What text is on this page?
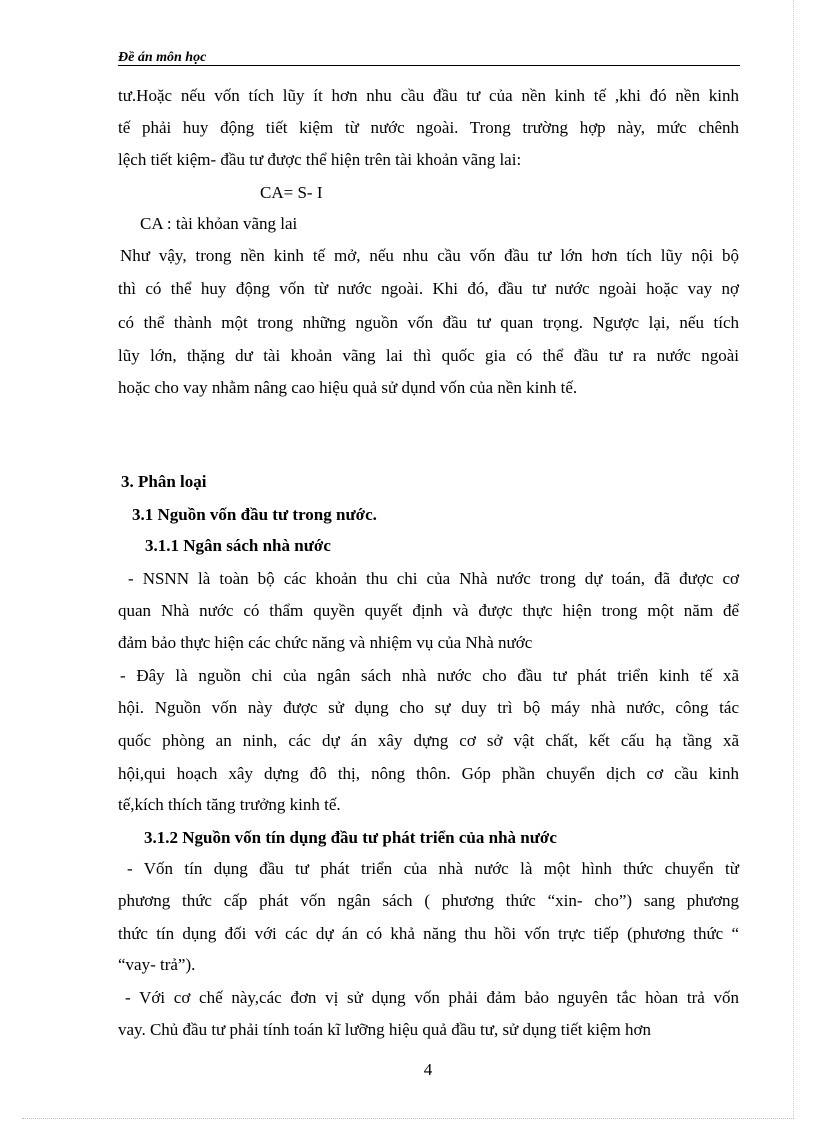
Đề án môn học
tư.Hoặc nếu vốn tích lũy ít hơn nhu cầu đầu tư của nền kinh tế ,khi đó nền kinh
tế phải huy động tiết kiệm từ nước ngoài. Trong trường hợp này, mức chênh
lệch tiết kiệm- đầu tư được thể hiện trên tài khoản vãng lai:
CA= S- I
CA : tài khỏan vãng lai
Như vậy, trong nền kinh tế mở, nếu nhu cầu vốn đầu tư lớn hơn tích lũy nội bộ
thì có thể huy động vốn từ nước ngoài. Khi đó, đầu tư nước ngoài hoặc vay nợ
có thể thành một trong những nguồn vốn đầu tư quan trọng. Ngược lại, nếu tích
lũy lớn, thặng dư tài khoản vãng lai thì quốc gia có thể đầu tư ra nước ngoài
hoặc cho vay nhằm nâng cao hiệu quả sử dụnd vốn của nền kinh tế.
3. Phân loại
3.1 Nguồn vốn đầu tư trong nước.
3.1.1 Ngân sách nhà nước
- NSNN là toàn bộ các khoản thu chi của Nhà nước trong dự toán, đã được cơ
quan Nhà nước có thẩm quyền quyết định và được thực hiện trong một năm để
đảm bảo thực hiện các chức năng và nhiệm vụ của Nhà nước
- Đây là nguồn chi của ngân sách nhà nước cho đầu tư phát triển kinh tế xã
hội. Nguồn vốn này được sử dụng cho sự duy trì bộ máy nhà nước, công tác
quốc phòng an ninh, các dự án xây dựng cơ sở vật chất, kết cấu hạ tầng xã
hội,qui hoạch xây dựng đô thị, nông thôn. Góp phần chuyển dịch cơ cầu kinh
tế,kích thích tăng trưởng kinh tế.
3.1.2 Nguồn vốn tín dụng đầu tư phát triển của nhà nước
- Vốn tín dụng đầu tư phát triển của nhà nước là một hình thức chuyển từ
phương thức cấp phát vốn ngân sách ( phương thức “xin- cho”) sang phương
thức tín dụng đối với các dự án có khả năng thu hồi vốn trực tiếp (phương thức “
“vay- trả”).
- Với cơ chế này,các đơn vị sử dụng vốn phải đảm bảo nguyên tắc hòan trả vốn
vay. Chủ đầu tư phải tính toán kĩ lưỡng hiệu quả đầu tư, sử dụng tiết kiệm hơn
4
